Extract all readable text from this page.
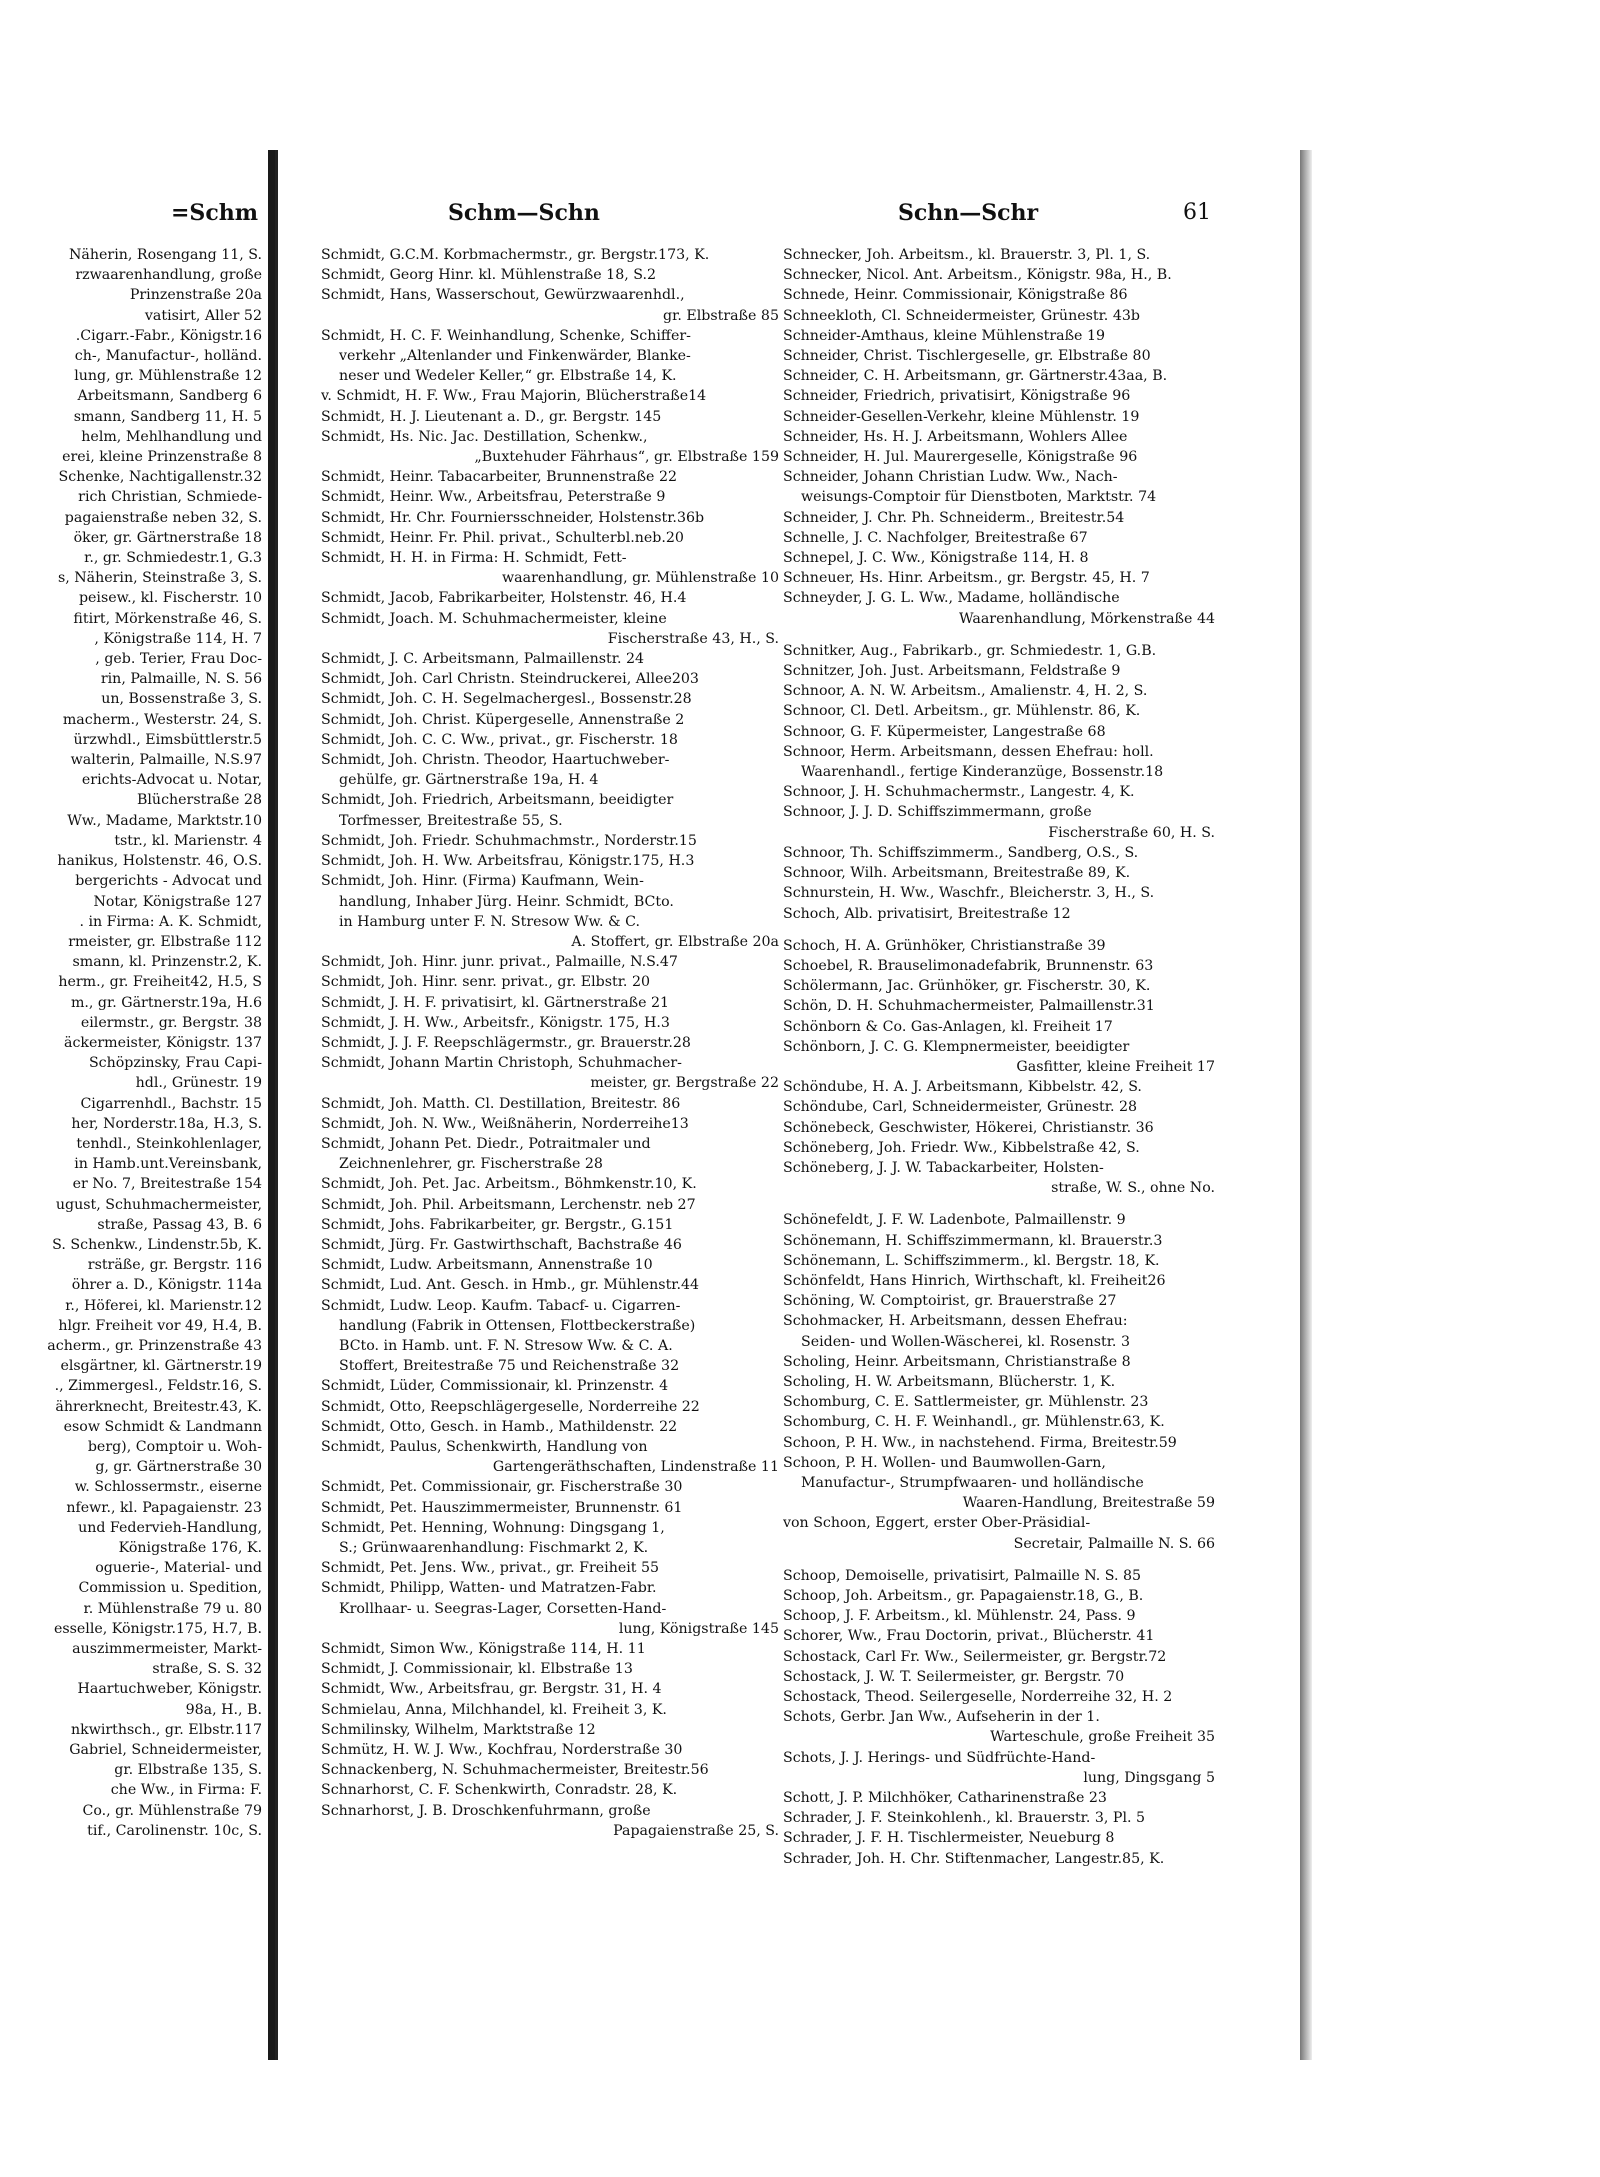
=Schm
Näherin, Rosengang 11, S.
rzwaarenhandlung, große
Prinzenstraße 20a
vatisirt, Aller 52
.Cigarr.-Fabr., Königstr.16
ch-, Manufactur-, holländ.
lung, gr. Mühlenstraße 12
Arbeitsmann, Sandberg 6
smann, Sandberg 11, H. 5
helm, Mehlhandlung und
erei, kleine Prinzenstraße 8
Schenke, Nachtigallenstr.32
rich Christian, Schmiede-
pagaienstraße neben 32, S.
öker, gr. Gärtnerstraße 18
r., gr. Schmiedestr.1, G.3
s, Näherin, Steinstraße 3, S.
peisew., kl. Fischerstr. 10
fitirt, Mörkenstraße 46, S.
, Königstraße 114, H. 7
, geb. Terier, Frau Doc-
rin, Palmaille, N. S. 56
un, Bossenstraße 3, S.
macherm., Westerstr. 24, S.
ürzwhdl., Eimsbüttlerstr.5
walterin, Palmaille, N.S.97
erichts-Advocat u. Notar,
Blücherstraße 28
Ww., Madame, Marktstr.10
tstr., kl. Marienstr. 4
hanikus, Holstenstr. 46, O.S.
bergerichts - Advocat und
Notar, Königstraße 127
. in Firma: A. K. Schmidt,
rmeister, gr. Elbstraße 112
smann, kl. Prinzenstr.2, K.
herm., gr. Freiheit42, H.5, S
m., gr. Gärtnerstr.19a, H.6
eilermstr., gr. Bergstr. 38
äckermeister, Königstr. 137
Schöpzinsky, Frau Capi-
hdl., Grünestr. 19
Cigarrenhdl., Bachstr. 15
her, Norderstr.18a, H.3, S.
tenhdl., Steinkohlenlager,
in Hamb.unt.Vereinsbank,
er No. 7, Breitestraße 154
ugust, Schuhmachermeister,
straße, Passag 43, B. 6
S. Schenkw., Lindenstr.5b, K.
rsträße, gr. Bergstr. 116
öhrer a. D., Königstr. 114a
r., Höferei, kl. Marienstr.12
hlgr. Freiheit vor 49, H.4, B.
acherm., gr. Prinzenstraße 43
elsgärtner, kl. Gärtnerstr.19
., Zimmergesl., Feldstr.16, S.
ährerknecht, Breitestr.43, K.
esow Schmidt & Landmann
berg), Comptoir u. Woh-
g, gr. Gärtnerstraße 30
w. Schlossermstr., eiserne
nfewr., kl. Papagaienstr. 23
und Federvieh-Handlung,
Königstraße 176, K.
oguerie-, Material- und
Commission u. Spedition,
r. Mühlenstraße 79 u. 80
esselle, Königstr.175, H.7, B.
auszimmermeister, Markt-
straße, S. S. 32
Haartuchweber, Königstr.
98a, H., B.
nkwirthsch., gr. Elbstr.117
Gabriel, Schneidermeister,
gr. Elbstraße 135, S.
che Ww., in Firma: F.
Co., gr. Mühlenstraße 79
tif., Carolinenstr. 10c, S.
Schm—Schn	Schn—Schr	61
Schmidt, G.C.M. Korbmachermstr., gr. Bergstr.173, K.
Schmidt, Georg Hinr. kl. Mühlenstraße 18, S.2
Schmidt, Hans, Wasserschout, Gewürzwaarenhdl.,
gr. Elbstraße 85
Schmidt, H. C. F. Weinhandlung, Schenke, Schiffer-
verkehr „Altenlander und Finkenwärder, Blanke-
neser und Wedeler Keller,“ gr. Elbstraße 14, K.
v. Schmidt, H. F. Ww., Frau Majorin, Blücherstraße14
Schmidt, H. J. Lieutenant a. D., gr. Bergstr. 145
Schmidt, Hs. Nic. Jac. Destillation, Schenkw.,
„Buxtehuder Fährhaus“, gr. Elbstraße 159
Schmidt, Heinr. Tabacarbeiter, Brunnenstraße 22
Schmidt, Heinr. Ww., Arbeitsfrau, Peterstraße 9
Schmidt, Hr. Chr. Fourniersschneider, Holstenstr.36b
Schmidt, Heinr. Fr. Phil. privat., Schulterbl.neb.20
Schmidt, H. H. in Firma: H. Schmidt, Fett-
waarenhandlung, gr. Mühlenstraße 10
Schmidt, Jacob, Fabrikarbeiter, Holstenstr. 46, H.4
Schmidt, Joach. M. Schuhmachermeister, kleine
Fischerstraße 43, H., S.
Schmidt, J. C. Arbeitsmann, Palmaillenstr. 24
Schmidt, Joh. Carl Christn. Steindruckerei, Allee203
Schmidt, Joh. C. H. Segelmachergesl., Bossenstr.28
Schmidt, Joh. Christ. Küpergeselle, Annenstraße 2
Schmidt, Joh. C. C. Ww., privat., gr. Fischerstr. 18
Schmidt, Joh. Christn. Theodor, Haartuchweber-
gehülfe, gr. Gärtnerstraße 19a, H. 4
Schmidt, Joh. Friedrich, Arbeitsmann, beeidigter
Torfmesser, Breitestraße 55, S.
Schmidt, Joh. Friedr. Schuhmachmstr., Norderstr.15
Schmidt, Joh. H. Ww. Arbeitsfrau, Königstr.175, H.3
Schmidt, Joh. Hinr. (Firma) Kaufmann, Wein-
handlung, Inhaber Jürg. Heinr. Schmidt, BCto.
in Hamburg unter F. N. Stresow Ww. & C.
A. Stoffert, gr. Elbstraße 20a
Schmidt, Joh. Hinr. junr. privat., Palmaille, N.S.47
Schmidt, Joh. Hinr. senr. privat., gr. Elbstr. 20
Schmidt, J. H. F. privatisirt, kl. Gärtnerstraße 21
Schmidt, J. H. Ww., Arbeitsfr., Königstr. 175, H.3
Schmidt, J. J. F. Reepschlägermstr., gr. Brauerstr.28
Schmidt, Johann Martin Christoph, Schuhmacher-
meister, gr. Bergstraße 22
Schmidt, Joh. Matth. Cl. Destillation, Breitestr. 86
Schmidt, Joh. N. Ww., Weißnäherin, Norderreihe13
Schmidt, Johann Pet. Diedr., Potraitmaler und
Zeichnenlehrer, gr. Fischerstraße 28
Schmidt, Joh. Pet. Jac. Arbeitsm., Böhmkenstr.10, K.
Schmidt, Joh. Phil. Arbeitsmann, Lerchenstr. neb 27
Schmidt, Johs. Fabrikarbeiter, gr. Bergstr., G.151
Schmidt, Jürg. Fr. Gastwirthschaft, Bachstraße 46
Schmidt, Ludw. Arbeitsmann, Annenstraße 10
Schmidt, Lud. Ant. Gesch. in Hmb., gr. Mühlenstr.44
Schmidt, Ludw. Leop. Kaufm. Tabacf- u. Cigarren-
handlung (Fabrik in Ottensen, Flottbeckerstraße)
BCto. in Hamb. unt. F. N. Stresow Ww. & C. A.
Stoffert, Breitestraße 75 und Reichenstraße 32
Schmidt, Lüder, Commissionair, kl. Prinzenstr. 4
Schmidt, Otto, Reepschlägergeselle, Norderreihe 22
Schmidt, Otto, Gesch. in Hamb., Mathildenstr. 22
Schmidt, Paulus, Schenkwirth, Handlung von
Gartengeräthschaften, Lindenstraße 11
Schmidt, Pet. Commissionair, gr. Fischerstraße 30
Schmidt, Pet. Hauszimmermeister, Brunnenstr. 61
Schmidt, Pet. Henning, Wohnung: Dingsgang 1,
S.; Grünwaarenhandlung: Fischmarkt 2, K.
Schmidt, Pet. Jens. Ww., privat., gr. Freiheit 55
Schmidt, Philipp, Watten- und Matratzen-Fabr.
Krollhaar- u. Seegras-Lager, Corsetten-Hand-
lung, Königstraße 145
Schmidt, Simon Ww., Königstraße 114, H. 11
Schmidt, J. Commissionair, kl. Elbstraße 13
Schmidt, Ww., Arbeitsfrau, gr. Bergstr. 31, H. 4
Schmielau, Anna, Milchhandel, kl. Freiheit 3, K.
Schmilinsky, Wilhelm, Marktstraße 12
Schmütz, H. W. J. Ww., Kochfrau, Norderstraße 30
Schnackenberg, N. Schuhmachermeister, Breitestr.56
Schnarhorst, C. F. Schenkwirth, Conradstr. 28, K.
Schnarhorst, J. B. Droschkenfuhrmann, große
Papagaienstraße 25, S.
Schnecker, Joh. Arbeitsm., kl. Brauerstr. 3, Pl. 1, S.
Schnecker, Nicol. Ant. Arbeitsm., Königstr. 98a, H., B.
Schnede, Heinr. Commissionair, Königstraße 86
Schneekloth, Cl. Schneidermeister, Grünestr. 43b
Schneider-Amthaus, kleine Mühlenstraße 19
Schneider, Christ. Tischlergeselle, gr. Elbstraße 80
Schneider, C. H. Arbeitsmann, gr. Gärtnerstr.43aa, B.
Schneider, Friedrich, privatisirt, Königstraße 96
Schneider-Gesellen-Verkehr, kleine Mühlenstr. 19
Schneider, Hs. H. J. Arbeitsmann, Wohlers Allee
Schneider, H. Jul. Maurergeselle, Königstraße 96
Schneider, Johann Christian Ludw. Ww., Nach-
weisungs-Comptoir für Dienstboten, Marktstr. 74
Schneider, J. Chr. Ph. Schneiderm., Breitestr.54
Schnelle, J. C. Nachfolger, Breitestraße 67
Schnepel, J. C. Ww., Königstraße 114, H. 8
Schneuer, Hs. Hinr. Arbeitsm., gr. Bergstr. 45, H. 7
Schneyder, J. G. L. Ww., Madame, holländische
Waarenhandlung, Mörkenstraße 44
Schnitker, Aug., Fabrikarb., gr. Schmiedestr. 1, G.B.
Schnitzer, Joh. Just. Arbeitsmann, Feldstraße 9
Schnoor, A. N. W. Arbeitsm., Amalienstr. 4, H. 2, S.
Schnoor, Cl. Detl. Arbeitsm., gr. Mühlenstr. 86, K.
Schnoor, G. F. Küpermeister, Langestraße 68
Schnoor, Herm. Arbeitsmann, dessen Ehefrau: holl.
Waarenhandl., fertige Kinderanzüge, Bossenstr.18
Schnoor, J. H. Schuhmachermstr., Langestr. 4, K.
Schnoor, J. J. D. Schiffszimmermann, große
Fischerstraße 60, H. S.
Schnoor, Th. Schiffszimmerm., Sandberg, O.S., S.
Schnoor, Wilh. Arbeitsmann, Breitestraße 89, K.
Schnurstein, H. Ww., Waschfr., Bleicherstr. 3, H., S.
Schoch, Alb. privatisirt, Breitestraße 12
Schoch, H. A. Grünhöker, Christianstraße 39
Schoebel, R. Brauselimonadefabrik, Brunnenstr. 63
Schölermann, Jac. Grünhöker, gr. Fischerstr. 30, K.
Schön, D. H. Schuhmachermeister, Palmaillenstr.31
Schönborn & Co. Gas-Anlagen, kl. Freiheit 17
Schönborn, J. C. G. Klempnermeister, beeidigter
Gasfitter, kleine Freiheit 17
Schöndube, H. A. J. Arbeitsmann, Kibbelstr. 42, S.
Schöndube, Carl, Schneidermeister, Grünestr. 28
Schönebeck, Geschwister, Hökerei, Christianstr. 36
Schöneberg, Joh. Friedr. Ww., Kibbelstraße 42, S.
Schöneberg, J. J. W. Tabackarbeiter, Holsten-
straße, W. S., ohne No.
Schönefeldt, J. F. W. Ladenbote, Palmaillenstr. 9
Schönemann, H. Schiffszimmermann, kl. Brauerstr.3
Schönemann, L. Schiffszimmerm., kl. Bergstr. 18, K.
Schönfeldt, Hans Hinrich, Wirthschaft, kl. Freiheit26
Schöning, W. Comptoirist, gr. Brauerstraße 27
Schohmacker, H. Arbeitsmann, dessen Ehefrau:
Seiden- und Wollen-Wäscherei, kl. Rosenstr. 3
Scholing, Heinr. Arbeitsmann, Christianstraße 8
Scholing, H. W. Arbeitsmann, Blücherstr. 1, K.
Schomburg, C. E. Sattlermeister, gr. Mühlenstr. 23
Schomburg, C. H. F. Weinhandl., gr. Mühlenstr.63, K.
Schoon, P. H. Ww., in nachstehend. Firma, Breitestr.59
Schoon, P. H. Wollen- und Baumwollen-Garn,
Manufactur-, Strumpfwaaren- und holländische
Waaren-Handlung, Breitestraße 59
von Schoon, Eggert, erster Ober-Präsidial-
Secretair, Palmaille N. S. 66
Schoop, Demoiselle, privatisirt, Palmaille N. S. 85
Schoop, Joh. Arbeitsm., gr. Papagaienstr.18, G., B.
Schoop, J. F. Arbeitsm., kl. Mühlenstr. 24, Pass. 9
Schorer, Ww., Frau Doctorin, privat., Blücherstr. 41
Schostack, Carl Fr. Ww., Seilermeister, gr. Bergstr.72
Schostack, J. W. T. Seilermeister, gr. Bergstr. 70
Schostack, Theod. Seilergeselle, Norderreihe 32, H. 2
Schots, Gerbr. Jan Ww., Aufseherin in der 1.
Warteschule, große Freiheit 35
Schots, J. J. Herings- und Südfrüchte-Hand-
lung, Dingsgang 5
Schott, J. P. Milchhöker, Catharinenstraße 23
Schrader, J. F. Steinkohlenh., kl. Brauerstr. 3, Pl. 5
Schrader, J. F. H. Tischlermeister, Neueburg 8
Schrader, Joh. H. Chr. Stiftenmacher, Langestr.85, K.
